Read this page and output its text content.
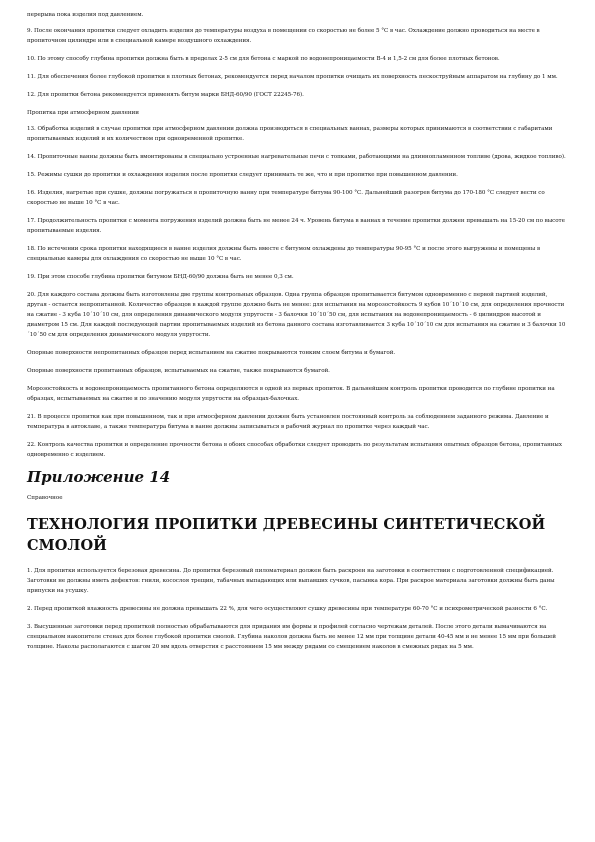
перерыва пока изделия под давлением.

9. После окончания пропитки следует охладить изделия до температуры воздуха в помещении со скоростью не более 5 °С в час. Охлаждение должно проводиться на месте в пропиточном цилиндре или в специальной камере воздушного охлаждения.

10. По этому способу глубина пропитки должна быть в пределах 2-5 см для бетона с маркой по водонепроницаемости В-4 и 1,5-2 см для более плотных бетонов.

11. Для обеспечения более глубокой пропитки в плотных бетонах, рекомендуется перед началом пропитки очищать их поверхность пескоструйным аппаратом на глубину до 1 мм.

12. Для пропитки бетона рекомендуется применять битум марки БНД-60/90 (ГОСТ 22245-76).

Пропитка при атмосферном давлении

13. Обработка изделий в случае пропитки при атмосферном давлении должна производиться в специальных ваннах, размеры которых принимаются в соответствии с габаритами пропитываемых изделий и их количеством при одновременной пропитке.

14. Пропиточные ванны должны быть вмонтированы в специально устроенные нагревательные печи с топками, работающими на длиннопламенном топливе (дрова, жидкое топливо).

15. Режимы сушки до пропитки и охлаждения изделия после пропитки следует принимать те же, что и при пропитке при повышенном давлении.

16. Изделия, нагретые при сушке, должны погружаться в пропиточную ванну при температуре битума 90-100 °С. Дальнейший разогрев битума до 170-180 °С следует вести со скоростью не выше 10 °С в час.

17. Продолжительность пропитки с момента погружения изделий должна быть не менее 24 ч. Уровень битума в ваннах в течение пропитки должен превышать на 15-20 см по высоте пропитываемые изделия.

18. По истечении срока пропитки находящиеся в ванне изделия должны быть вместе с битумом охлаждены до температуры 90-95 °С и после этого выгружены и помещены в специальные камеры для охлаждения со скоростью не выше 10 °С в час.

19. При этом способе глубина пропитки битумом БНД-60/90 должна быть не менее 0,3 см.

20. Для каждого состава должны быть изготовлены две группы контрольных образцов. Одна группа образцов пропитывается битумом одновременно с первой партией изделий, другая - остается непропитанной. Количество образцов в каждой группе должно быть не менее: для испытания на морозостойкость 9 кубов 10´10´10 см, для определения прочности на сжатие - 3 куба 10´10´10 см, для определения динамического модуля упругости - 3 балочки 10´10´50 см, для испытания на водонепроницаемость - 6 цилиндров высотой и диаметром 15 см. Для каждой последующей партии пропитываемых изделий из бетона данного состава изготавливается 3 куба 10´10´10 см для испытания на сжатие и 3 балочки 10´10´50 см для определения динамического модуля упругости.

Опорные поверхности непропитанных образцов перед испытанием на сжатие покрываются тонким слоем битума и бумагой.

Опорные поверхности пропитанных образцов, испытываемых на сжатие, также покрываются бумагой.

Морозостойкость и водонепроницаемость пропитанного бетона определяются в одной из первых пропиток. В дальнейшем контроль пропитки проводится по глубине пропитки на образцах, испытываемых на сжатие и по значению модуля упругости на образцах-балочках.

21. В процессе пропитки как при повышенном, так и при атмосферном давлении должен быть установлен постоянный контроль за соблюдением заданного режима. Давление и температура в автоклаве, а также температура битума в ванне должны записываться в рабочий журнал по пропитке через каждый час.

22. Контроль качества пропитки и определение прочности бетона в обоих способах обработки следует проводить по результатам испытания опытных образцов бетона, пропитанных одновременно с изделием.

Приложение 14
Справочное
ТЕХНОЛОГИЯ ПРОПИТКИ ДРЕВЕСИНЫ СИНТЕТИЧЕСКОЙ СМОЛОЙ

1. Для пропитки используется березовая древесина. До пропитки березовый пиломатериал должен быть раскроен на заготовки в соответствии с подготовленной спецификацией. Заготовки не должны иметь дефектов: гнили, косослоя трещин, табачных выпадающих или выпавших сучков, пасынка кора. При раскрое материала заготовки должны быть даны припуски на усушку.

2. Перед пропиткой влажность древесины не должна превышать 22 %, для чего осуществляют сушку древесины при температуре 60-70 °С и психрометрической разности 6 °С.

3. Высушенные заготовки перед пропиткой полностью обрабатываются для придания им формы и профилей согласно чертежам деталей. После этого детали вымачиваются на специальном накопителе стенах для более глубокой пропитки смолой. Глубина наколов должна быть не менее 12 мм при толщине детали 40-45 мм и не менее 15 мм при большей толщине. Наколы располагаются с шагом 20 мм вдоль отверстия с расстоянием 15 мм между рядами со смещением наколов в смежных рядах на 5 мм.
